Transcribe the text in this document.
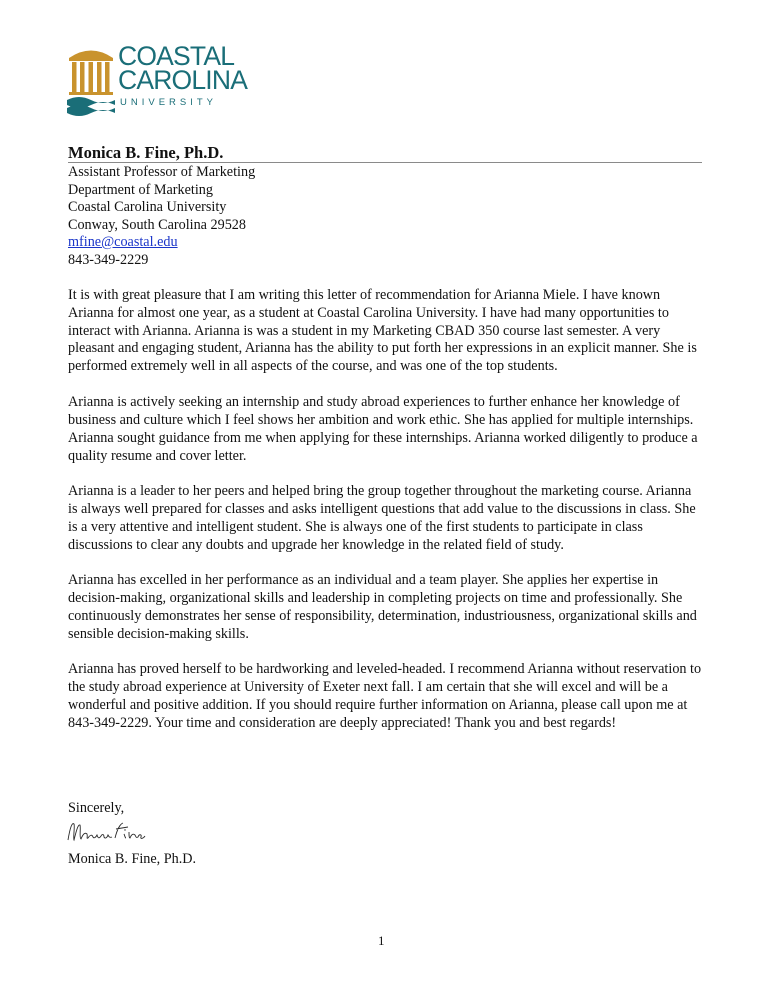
COASTAL
CAROLINA
UNIVERSITY
Monica B. Fine, Ph.D.
Assistant Professor of Marketing
Department of Marketing
Coastal Carolina University
Conway, South Carolina 29528
mfine@coastal.edu
843-349-2229

It is with great pleasure that I am writing this letter of recommendation for Arianna Miele. I have known Arianna for almost one year, as a student at Coastal Carolina University. I have had many opportunities to interact with Arianna. Arianna is was a student in my Marketing CBAD 350 course last semester. A very pleasant and engaging student, Arianna has the ability to put forth her expressions in an explicit manner. She is performed extremely well in all aspects of the course, and was one of the top students.

Arianna is actively seeking an internship and study abroad experiences to further enhance her knowledge of business and culture which I feel shows her ambition and work ethic. She has applied for multiple internships. Arianna sought guidance from me when applying for these internships. Arianna worked diligently to produce a quality resume and cover letter.

Arianna is a leader to her peers and helped bring the group together throughout the marketing course. Arianna is always well prepared for classes and asks intelligent questions that add value to the discussions in class. She is a very attentive and intelligent student. She is always one of the first students to participate in class discussions to clear any doubts and upgrade her knowledge in the related field of study.

Arianna has excelled in her performance as an individual and a team player. She applies her expertise in decision-making, organizational skills and leadership in completing projects on time and professionally. She continuously demonstrates her sense of responsibility, determination, industriousness, organizational skills and sensible decision-making skills.

Arianna has proved herself to be hardworking and leveled-headed. I recommend Arianna without reservation to the study abroad experience at University of Exeter next fall. I am certain that she will excel and will be a wonderful and positive addition. If you should require further information on Arianna, please call upon me at 843-349-2229. Your time and consideration are deeply appreciated! Thank you and best regards!

Sincerely,
Monica B. Fine, Ph.D.
1
